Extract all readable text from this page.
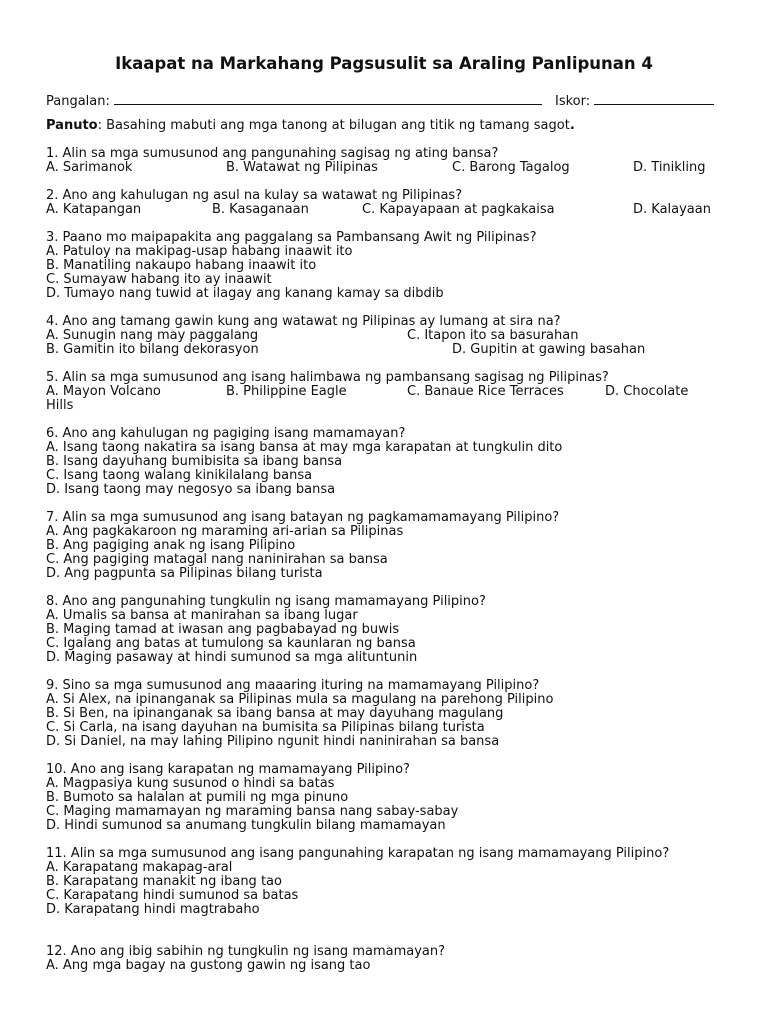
Ikaapat na Markahang Pagsusulit sa Araling Panlipunan 4
Pangalan:	Iskor:
Panuto: Basahing mabuti ang mga tanong at bilugan ang titik ng tamang sagot.
1. Alin sa mga sumusunod ang pangunahing sagisag ng ating bansa?
A. Sarimanok	B. Watawat ng Pilipinas	C. Barong Tagalog	D. Tinikling
2. Ano ang kahulugan ng asul na kulay sa watawat ng Pilipinas?
A. Katapangan	B. Kasaganaan	C. Kapayapaan at pagkakaisa	D. Kalayaan
3. Paano mo maipapakita ang paggalang sa Pambansang Awit ng Pilipinas?
A. Patuloy na makipag-usap habang inaawit ito
B. Manatiling nakaupo habang inaawit ito
C. Sumayaw habang ito ay inaawit
D. Tumayo nang tuwid at ilagay ang kanang kamay sa dibdib
4. Ano ang tamang gawin kung ang watawat ng Pilipinas ay lumang at sira na?
A. Sunugin nang may paggalang	C. Itapon ito sa basurahan
B. Gamitin ito bilang dekorasyon	D. Gupitin at gawing basahan
5. Alin sa mga sumusunod ang isang halimbawa ng pambansang sagisag ng Pilipinas?
A. Mayon Volcano	B. Philippine Eagle	C. Banaue Rice Terraces	D. Chocolate
Hills
6. Ano ang kahulugan ng pagiging isang mamamayan?
A. Isang taong nakatira sa isang bansa at may mga karapatan at tungkulin dito
B. Isang dayuhang bumibisita sa ibang bansa
C. Isang taong walang kinikilalang bansa
D. Isang taong may negosyo sa ibang bansa
7. Alin sa mga sumusunod ang isang batayan ng pagkamamamayang Pilipino?
A. Ang pagkakaroon ng maraming ari-arian sa Pilipinas
B. Ang pagiging anak ng isang Pilipino
C. Ang pagiging matagal nang naninirahan sa bansa
D. Ang pagpunta sa Pilipinas bilang turista
8. Ano ang pangunahing tungkulin ng isang mamamayang Pilipino?
A. Umalis sa bansa at manirahan sa ibang lugar
B. Maging tamad at iwasan ang pagbabayad ng buwis
C. Igalang ang batas at tumulong sa kaunlaran ng bansa
D. Maging pasaway at hindi sumunod sa mga alituntunin
9. Sino sa mga sumusunod ang maaaring ituring na mamamayang Pilipino?
A. Si Alex, na ipinanganak sa Pilipinas mula sa magulang na parehong Pilipino
B. Si Ben, na ipinanganak sa ibang bansa at may dayuhang magulang
C. Si Carla, na isang dayuhan na bumisita sa Pilipinas bilang turista
D. Si Daniel, na may lahing Pilipino ngunit hindi naninirahan sa bansa
10. Ano ang isang karapatan ng mamamayang Pilipino?
A. Magpasiya kung susunod o hindi sa batas
B. Bumoto sa halalan at pumili ng mga pinuno
C. Maging mamamayan ng maraming bansa nang sabay-sabay
D. Hindi sumunod sa anumang tungkulin bilang mamamayan
11. Alin sa mga sumusunod ang isang pangunahing karapatan ng isang mamamayang Pilipino?
A. Karapatang makapag-aral
B. Karapatang manakit ng ibang tao
C. Karapatang hindi sumunod sa batas
D. Karapatang hindi magtrabaho
12. Ano ang ibig sabihin ng tungkulin ng isang mamamayan?
A. Ang mga bagay na gustong gawin ng isang tao
